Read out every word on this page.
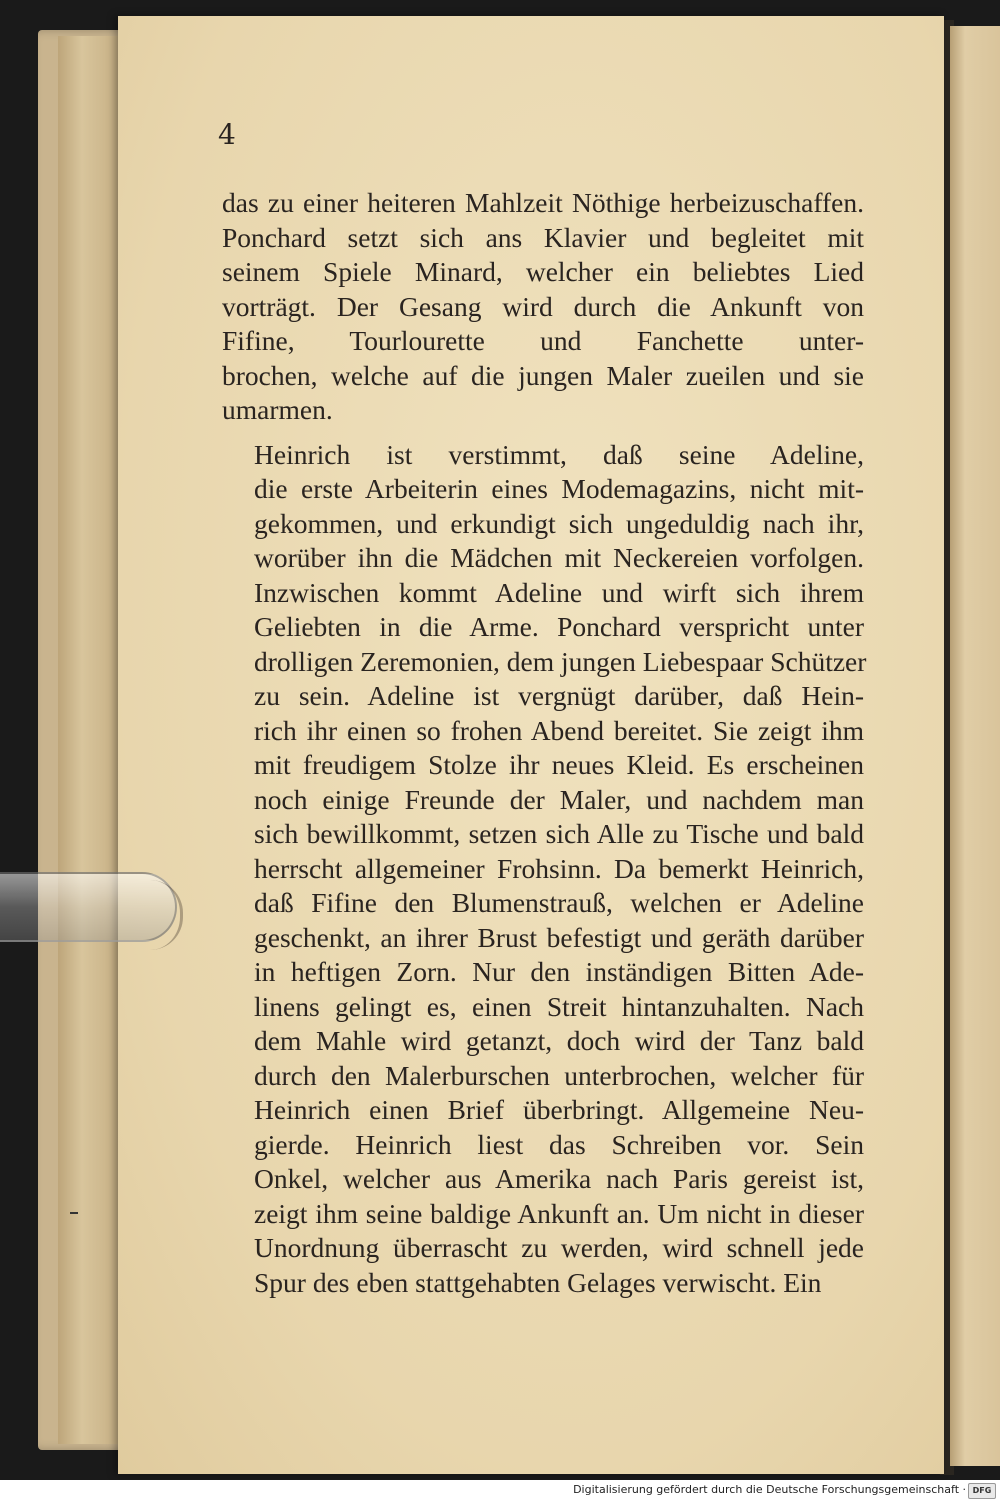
4

das zu einer heiteren Mahlzeit Nöthige herbeizuschaffen.
Ponchard setzt sich ans Klavier und begleitet mit
seinem Spiele Minard, welcher ein beliebtes Lied
vorträgt. Der Gesang wird durch die Ankunft von
Fifine, Tourlourette und Fanchette unter-
brochen, welche auf die jungen Maler zueilen und sie
umarmen.

Heinrich ist verstimmt, daß seine Adeline,
die erste Arbeiterin eines Modemagazins, nicht mit-
gekommen, und erkundigt sich ungeduldig nach ihr,
worüber ihn die Mädchen mit Neckereien vorfolgen.
Inzwischen kommt Adeline und wirft sich ihrem
Geliebten in die Arme. Ponchard verspricht unter
drolligen Zeremonien, dem jungen Liebespaar Schützer
zu sein. Adeline ist vergnügt darüber, daß Hein-
rich ihr einen so frohen Abend bereitet. Sie zeigt ihm
mit freudigem Stolze ihr neues Kleid. Es erscheinen
noch einige Freunde der Maler, und nachdem man
sich bewillkommt, setzen sich Alle zu Tische und bald
herrscht allgemeiner Frohsinn. Da bemerkt Heinrich,
daß Fifine den Blumenstrauß, welchen er Adeline
geschenkt, an ihrer Brust befestigt und geräth darüber
in heftigen Zorn. Nur den inständigen Bitten Ade-
linens gelingt es, einen Streit hintanzuhalten. Nach
dem Mahle wird getanzt, doch wird der Tanz bald
durch den Malerburschen unterbrochen, welcher für
Heinrich einen Brief überbringt. Allgemeine Neu-
gierde. Heinrich liest das Schreiben vor. Sein
Onkel, welcher aus Amerika nach Paris gereist ist,
zeigt ihm seine baldige Ankunft an. Um nicht in dieser
Unordnung überrascht zu werden, wird schnell jede
Spur des eben stattgehabten Gelages verwischt. Ein

Digitalisierung gefördert durch die Deutsche Forschungsgemeinschaft · DFG
